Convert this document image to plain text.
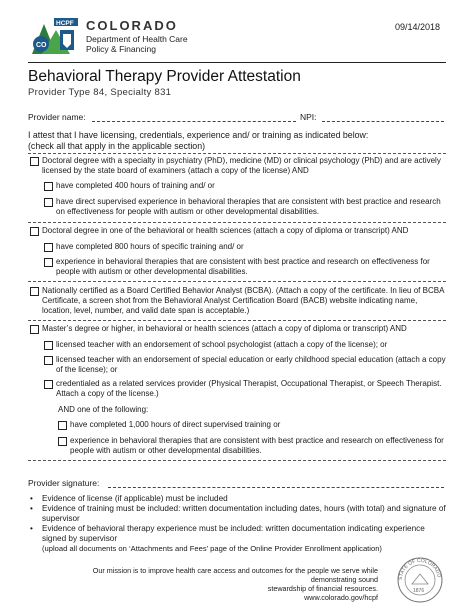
CO
HCPF COLORADO
Department of Health Care
Policy & Financing
09/14/2018
Behavioral Therapy Provider Attestation
Provider Type 84, Specialty 831
Provider name:	NPI:
I attest that I have licensing, credentials, experience and/ or training as indicated below:
(check all that apply in the applicable section)
Doctoral degree with a specialty in psychiatry (PhD), medicine (MD) or clinical psychology (PhD) and are actively licensed by the state board of examiners (attach a copy of the license) AND
have completed 400 hours of training and/ or
have direct supervised experience in behavioral therapies that are consistent with best practice and research on effectiveness for people with autism or other developmental disabilities.
Doctoral degree in one of the behavioral or health sciences (attach a copy of diploma or transcript) AND
have completed 800 hours of specific training and/ or
experience in behavioral therapies that are consistent with best practice and research on effectiveness for people with autism or other developmental disabilities.
Nationally certified as a Board Certified Behavior Analyst (BCBA). (Attach a copy of the certificate. In lieu of BCBA Certificate, a screen shot from the Behavioral Analyst Certification Board (BACB) website indicating name, location, level, number, and valid date span is acceptable.)
Master’s degree or higher, in behavioral or health sciences (attach a copy of diploma or transcript) AND
licensed teacher with an endorsement of school psychologist (attach a copy of the license); or
licensed teacher with an endorsement of special education or early childhood special education (attach a copy of the license); or
credentialed as a related services provider (Physical Therapist, Occupational Therapist, or Speech Therapist. Attach a copy of the license.)
AND one of the following:
have completed 1,000 hours of direct supervised training or
experience in behavioral therapies that are consistent with best practice and research on effectiveness for people with autism or other developmental disabilities.
Provider signature:
• Evidence of license (if applicable) must be included
• Evidence of training must be included: written documentation including dates, hours (with total) and signature of supervisor
• Evidence of behavioral therapy experience must be included: written documentation indicating experience signed by supervisor
(upload all documents on ‘Attachments and Fees’ page of the Online Provider Enrollment application)
Our mission is to improve health care access and outcomes for the people we serve while demonstrating sound
stewardship of financial resources.
www.colorado.gov/hcpf
STATE OF COLORADO
1876
